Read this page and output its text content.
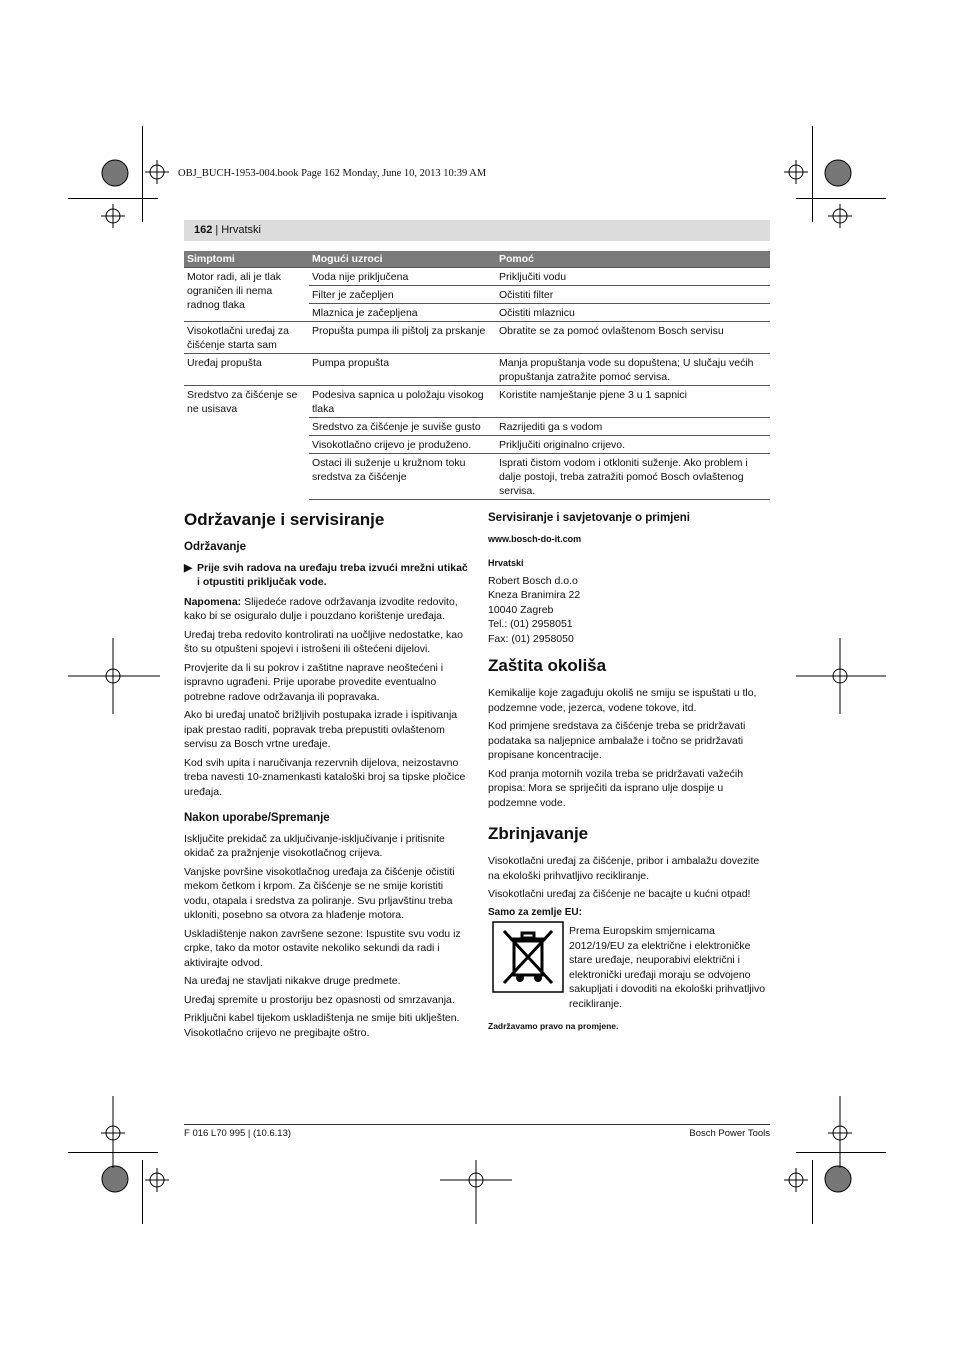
OBJ_BUCH-1953-004.book Page 162 Monday, June 10, 2013 10:39 AM
162 | Hrvatski
Simptomi	Mogući uzroci	Pomoć
Motor radi, ali je tlak ograničen ili nema radnog tlaka	Voda nije priključena	Priključiti vodu
	Filter je začepljen	Očistiti filter
	Mlaznica je začepljena	Očistiti mlaznicu
Visokotlačni uređaj za čišćenje starta sam	Propušta pumpa ili pištolj za prskanje	Obratite se za pomoć ovlaštenom Bosch servisu
Uređaj propušta	Pumpa propušta	Manja propuštanja vode su dopuštena; U slučaju većih propuštanja zatražite pomoć servisa.
Sredstvo za čišćenje se ne usisava	Podesiva sapnica u položaju visokog tlaka	Koristite namještanje pjene 3 u 1 sapnici
	Sredstvo za čišćenje je suviše gusto	Razrijediti ga s vodom
	Visokotlačno crijevo je produženo.	Priključiti originalno crijevo.
	Ostaci ili suženje u kružnom toku sredstva za čišćenje	Isprati čistom vodom i otkloniti suženje. Ako problem i dalje postoji, treba zatražiti pomoć Bosch ovlaštenog servisa.
Održavanje i servisiranje
Održavanje
▶ Prije svih radova na uređaju treba izvući mrežni utikač i otpustiti priključak vode.

Napomena: Slijedeće radove održavanja izvodite redovito, kako bi se osiguralo dulje i pouzdano korištenje uređaja.

Uređaj treba redovito kontrolirati na uočljive nedostatke, kao što su otpušteni spojevi i istrošeni ili oštećeni dijelovi.

Provjerite da li su pokrov i zaštitne naprave neoštećeni i ispravno ugrađeni. Prije uporabe provedite eventualno potrebne radove održavanja ili popravaka.

Ako bi uređaj unatoč brižljivih postupaka izrade i ispitivanja ipak prestao raditi, popravak treba prepustiti ovlaštenom servisu za Bosch vrtne uređaje.

Kod svih upita i naručivanja rezervnih dijelova, neizostavno treba navesti 10-znamenkasti kataloški broj sa tipske pločice uređaja.

Nakon uporabe/Spremanje

Isključite prekidač za uključivanje-isključivanje i pritisnite okidač za pražnjenje visokotlačnog crijeva.

Vanjske površine visokotlačnog uređaja za čišćenje očistiti mekom četkom i krpom. Za čišćenje se ne smije koristiti vodu, otapala i sredstva za poliranje. Svu prljavštinu treba ukloniti, posebno sa otvora za hlađenje motora.

Uskladištenje nakon završene sezone: Ispustite svu vodu iz crpke, tako da motor ostavite nekoliko sekundi da radi i aktivirajte odvod.

Na uređaj ne stavljati nikakve druge predmete.

Uređaj spremite u prostoriju bez opasnosti od smrzavanja.

Priključni kabel tijekom uskladištenja ne smije biti uklješten. Visokotlačno crijevo ne pregibajte oštro.

Servisiranje i savjetovanje o primjeni

www.bosch-do-it.com

Hrvatski

Robert Bosch d.o.o
Kneza Branimira 22
10040 Zagreb
Tel.: (01) 2958051
Fax: (01) 2958050
Zaštita okoliša

Kemikalije koje zagađuju okoliš ne smiju se ispuštati u tlo, podzemne vode, jezerca, vodene tokove, itd.

Kod primjene sredstava za čišćenje treba se pridržavati podataka sa naljepnice ambalaže i točno se pridržavati propisane koncentracije.

Kod pranja motornih vozila treba se pridržavati važećih propisa: Mora se spriječiti da isprano ulje dospije u podzemne vode.

Zbrinjavanje

Visokotlačni uređaj za čišćenje, pribor i ambalažu dovezite na ekološki prihvatljivo recikliranje.

Visokotlačni uređaj za čišćenje ne bacajte u kućni otpad!

Samo za zemlje EU:

Prema Europskim smjernicama 2012/19/EU za električne i elektroničke stare uređaje, neuporabivi električni i elektronički uređaji moraju se odvojeno sakupljati i dovoditi na ekološki prihvatljivo recikliranje.

Zadržavamo pravo na promjene.

F 016 L70 995 | (10.6.13)	Bosch Power Tools
